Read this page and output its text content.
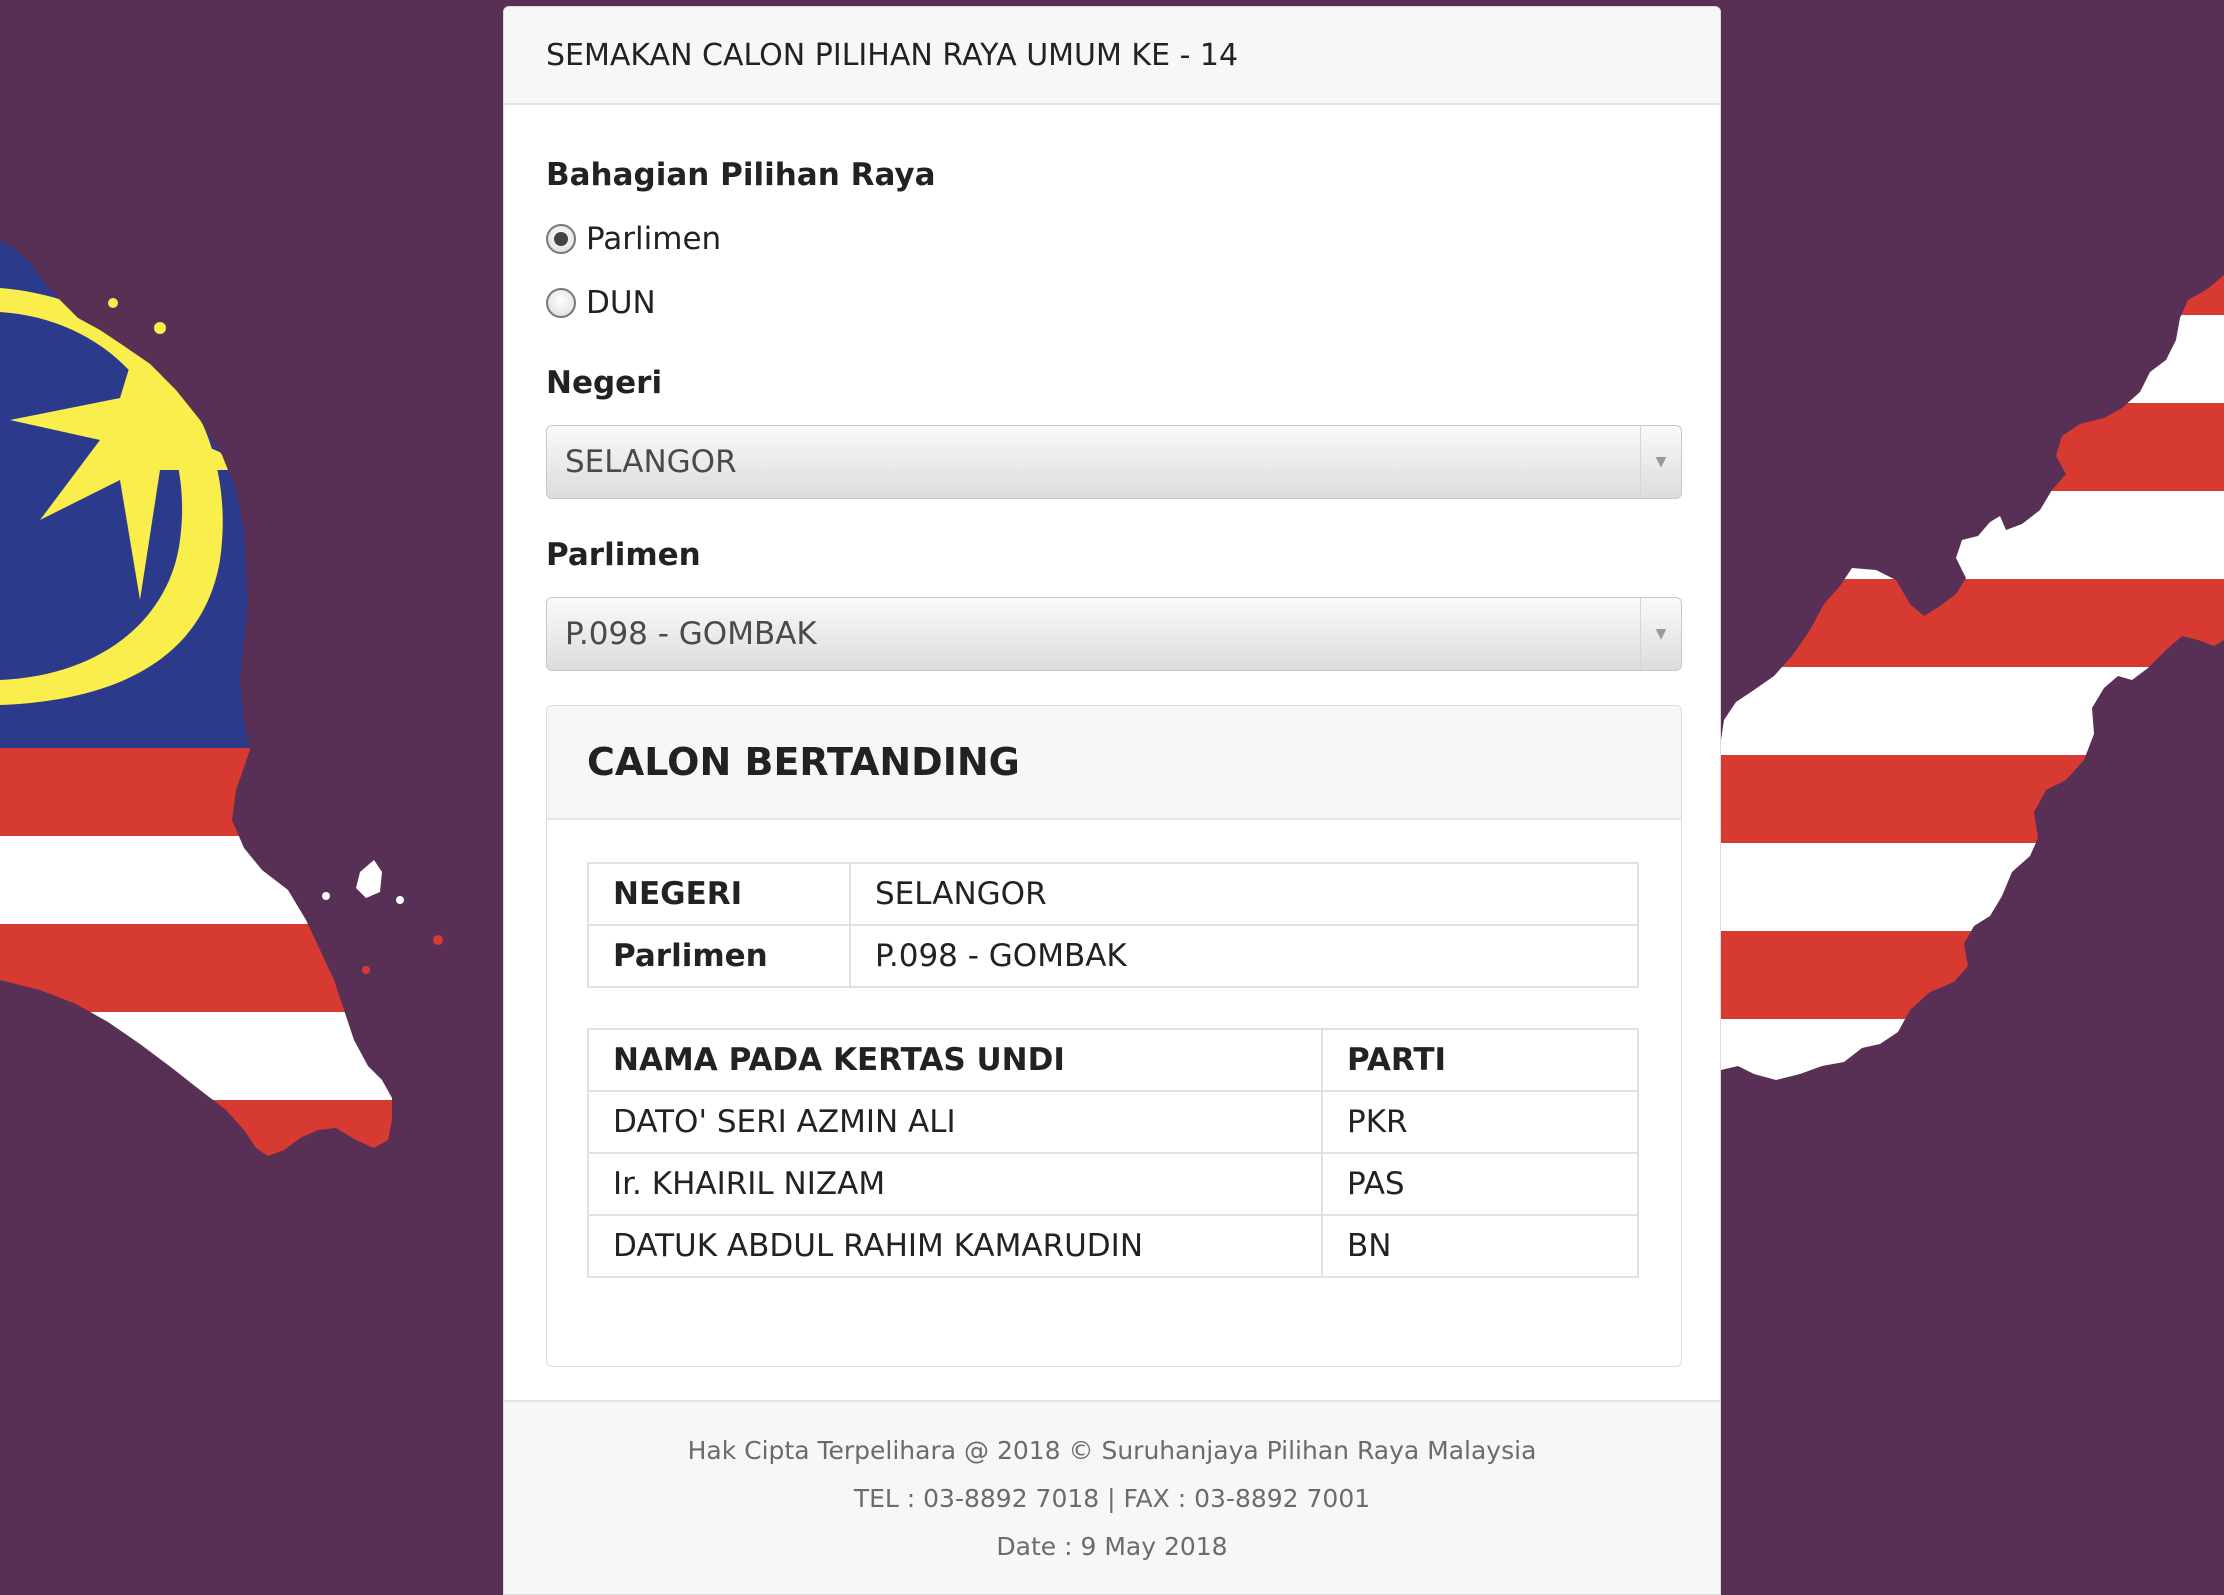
SEMAKAN CALON PILIHAN RAYA UMUM KE - 14
Bahagian Pilihan Raya
Parlimen
DUN
Negeri
SELANGOR	▼
Parlimen
P.098 - GOMBAK	▼
CALON BERTANDING
NEGERI	SELANGOR
Parlimen	P.098 - GOMBAK
NAMA PADA KERTAS UNDI	PARTI
DATO' SERI AZMIN ALI	PKR
Ir. KHAIRIL NIZAM	PAS
DATUK ABDUL RAHIM KAMARUDIN	BN
Hak Cipta Terpelihara @ 2018 © Suruhanjaya Pilihan Raya Malaysia
TEL : 03-8892 7018 | FAX : 03-8892 7001
Date : 9 May 2018
